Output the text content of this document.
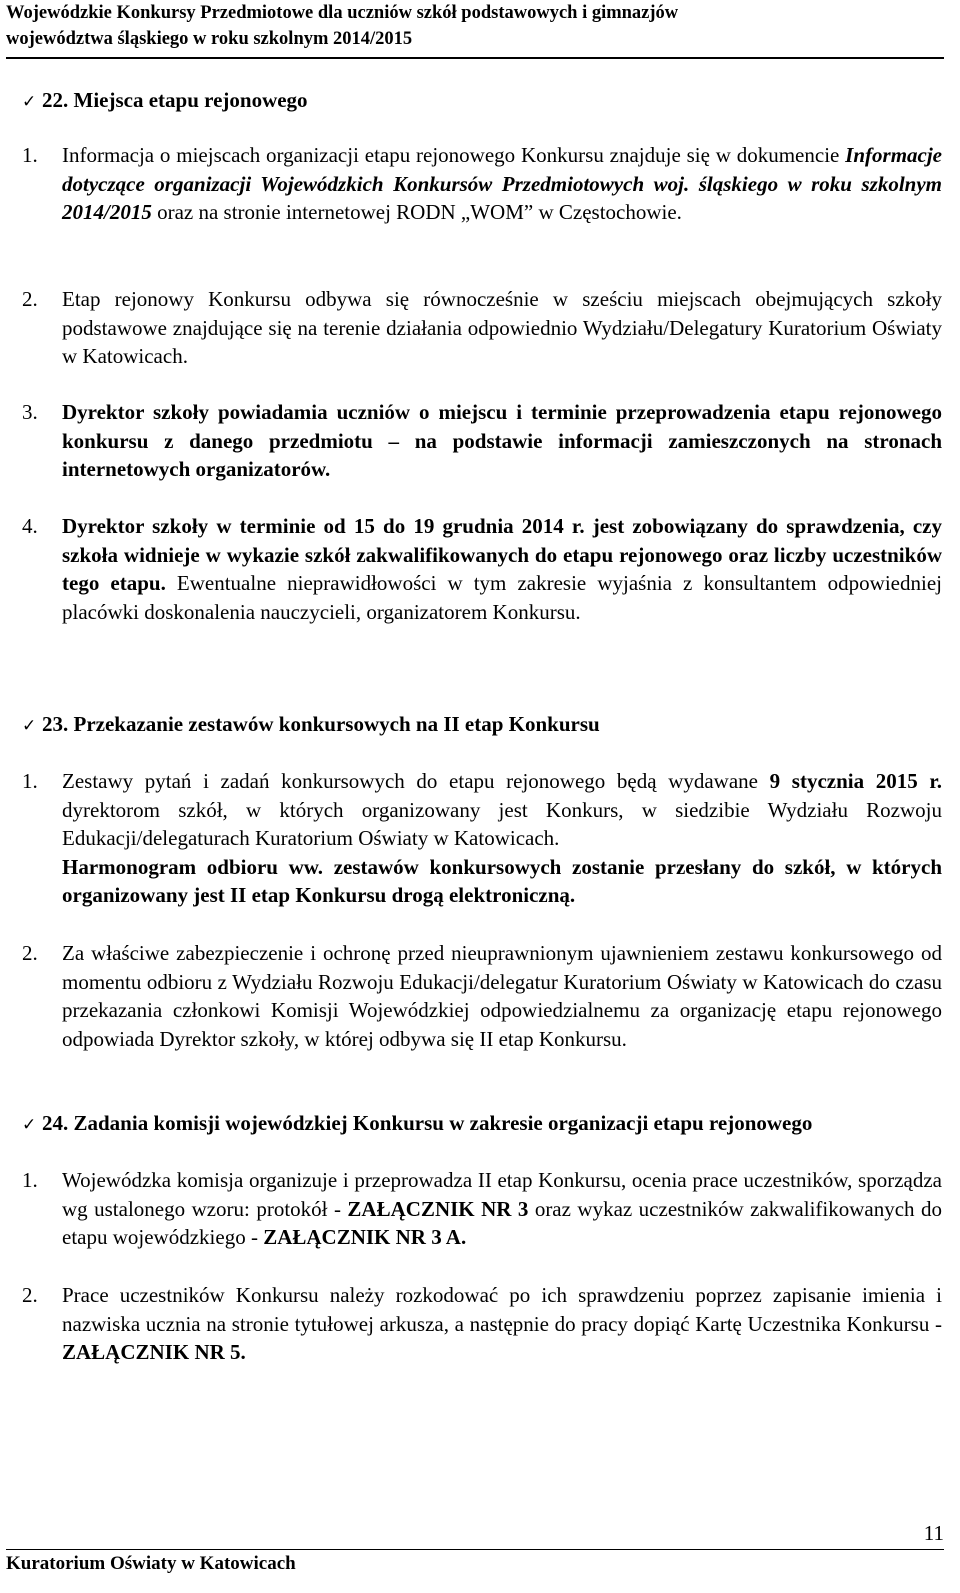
Wojewódzkie Konkursy Przedmiotowe dla uczniów szkół podstawowych i gimnazjów
województwa śląskiego w roku szkolnym 2014/2015
✓ 22. Miejsca etapu rejonowego
1.	Informacja o miejscach organizacji etapu rejonowego Konkursu znajduje się w dokumencie Informacje dotyczące organizacji Wojewódzkich Konkursów Przedmiotowych woj. śląskiego w roku szkolnym 2014/2015 oraz na stronie internetowej RODN „WOM” w Częstochowie.
2.	Etap rejonowy Konkursu odbywa się równocześnie w sześciu miejscach obejmujących szkoły podstawowe znajdujące się na terenie działania odpowiednio Wydziału/Delegatury Kuratorium Oświaty w Katowicach.
3.	Dyrektor szkoły powiadamia uczniów o miejscu i terminie przeprowadzenia etapu rejonowego konkursu z danego przedmiotu – na podstawie informacji zamieszczonych na stronach internetowych organizatorów.
4.	Dyrektor szkoły w terminie od 15 do 19 grudnia 2014 r. jest zobowiązany do sprawdzenia, czy szkoła widnieje w wykazie szkół zakwalifikowanych do etapu rejonowego oraz liczby uczestników tego etapu. Ewentualne nieprawidłowości w tym zakresie wyjaśnia z konsultantem odpowiedniej placówki doskonalenia nauczycieli, organizatorem Konkursu.
✓ 23. Przekazanie zestawów konkursowych na II etap Konkursu
1.	Zestawy pytań i zadań konkursowych do etapu rejonowego będą wydawane 9 stycznia 2015 r. dyrektorom szkół, w których organizowany jest Konkurs, w siedzibie Wydziału Rozwoju Edukacji/delegaturach Kuratorium Oświaty w Katowicach.
Harmonogram odbioru ww. zestawów konkursowych zostanie przesłany do szkół, w których organizowany jest II etap Konkursu drogą elektroniczną.
2.	Za właściwe zabezpieczenie i ochronę przed nieuprawnionym ujawnieniem zestawu konkursowego od momentu odbioru z Wydziału Rozwoju Edukacji/delegatur Kuratorium Oświaty w Katowicach do czasu przekazania członkowi Komisji Wojewódzkiej odpowiedzialnemu za organizację etapu rejonowego odpowiada Dyrektor szkoły, w której odbywa się II etap Konkursu.
✓ 24. Zadania komisji wojewódzkiej Konkursu w zakresie organizacji etapu rejonowego
1.	Wojewódzka komisja organizuje i przeprowadza II etap Konkursu, ocenia prace uczestników, sporządza wg ustalonego wzoru: protokół - ZAŁĄCZNIK NR 3 oraz wykaz uczestników zakwalifikowanych do etapu wojewódzkiego - ZAŁĄCZNIK NR 3 A.
2.	Prace uczestników Konkursu należy rozkodować po ich sprawdzeniu poprzez zapisanie imienia i nazwiska ucznia na stronie tytułowej arkusza, a następnie do pracy dopiąć Kartę Uczestnika Konkursu - ZAŁĄCZNIK NR 5.
11
Kuratorium Oświaty w Katowicach
